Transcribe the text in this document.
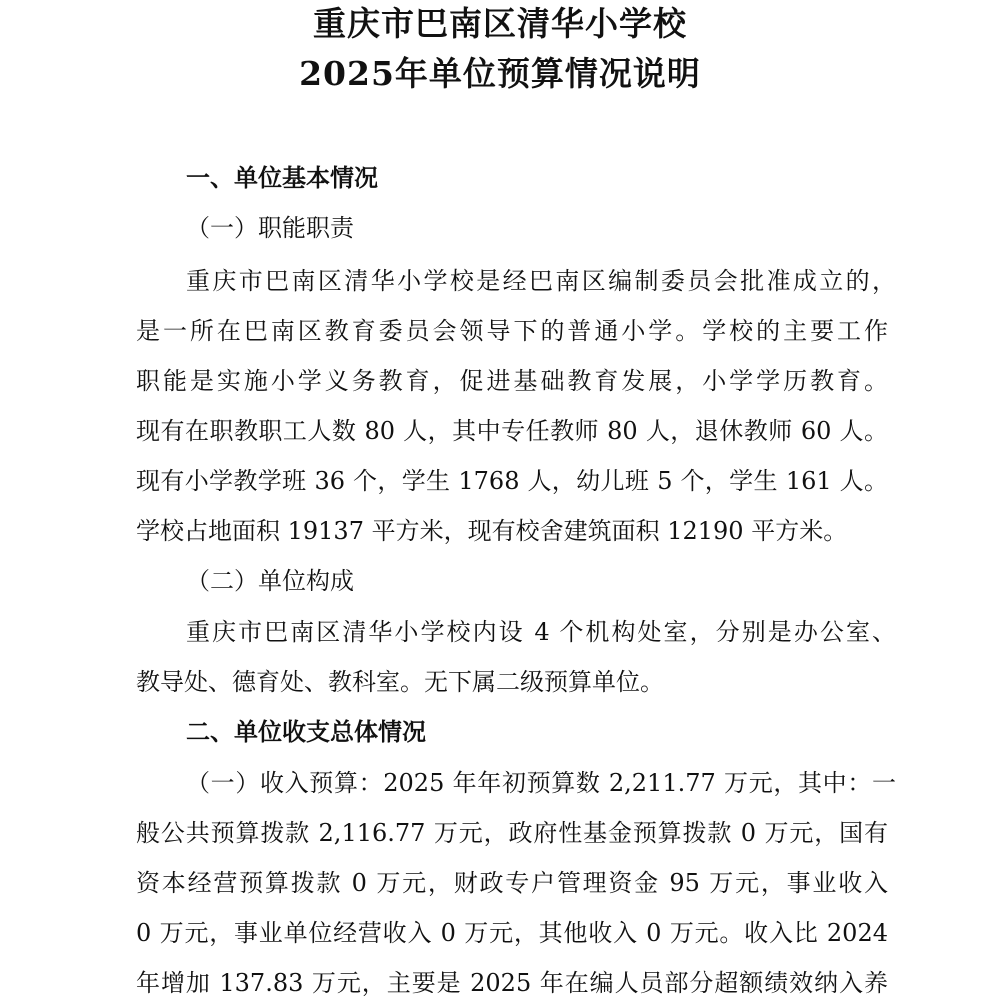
重庆市巴南区清华小学校
2025年单位预算情况说明

一、单位基本情况

（一）职能职责

重庆市巴南区清华小学校是经巴南区编制委员会批准成立的，

是一所在巴南区教育委员会领导下的普通小学。学校的主要工作

职能是实施小学义务教育，促进基础教育发展，小学学历教育。

现有在职教职工人数 80 人，其中专任教师 80 人，退休教师 60 人。

现有小学教学班 36 个，学生 1768 人，幼儿班 5 个，学生 161 人。

学校占地面积 19137 平方米，现有校舍建筑面积 12190 平方米。

（二）单位构成

重庆市巴南区清华小学校内设 4 个机构处室，分别是办公室、

教导处、德育处、教科室。无下属二级预算单位。

二、单位收支总体情况

（一）收入预算：2025 年年初预算数 2,211.77 万元，其中：一

般公共预算拨款 2,116.77 万元，政府性基金预算拨款 0 万元，国有

资本经营预算拨款 0 万元，财政专户管理资金 95 万元，事业收入

0 万元，事业单位经营收入 0 万元，其他收入 0 万元。收入比 2024

年增加 137.83 万元，主要是 2025 年在编人员部分超额绩效纳入养
